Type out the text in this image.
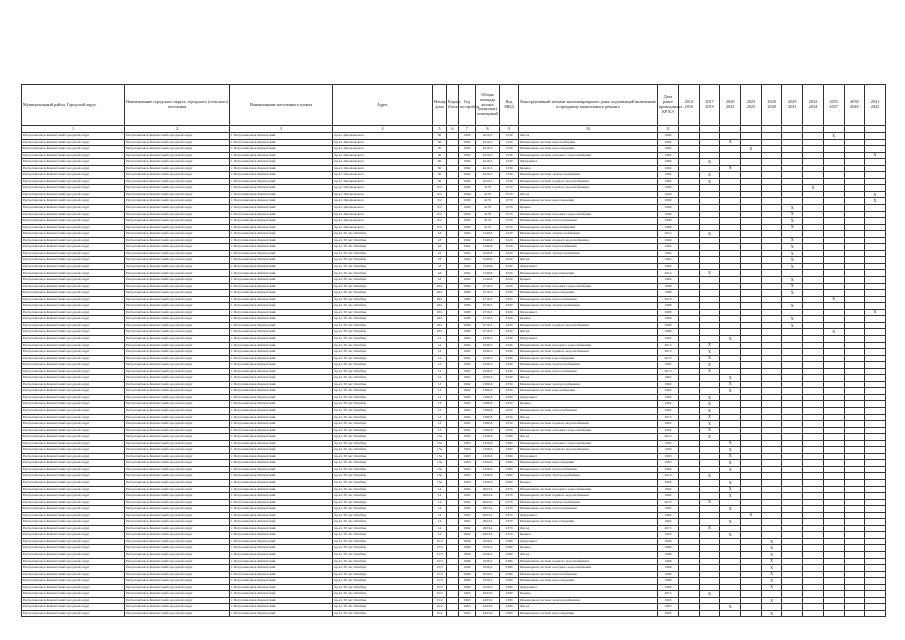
Муниципальный район, Городской округ	Наименование городского округа, городского (сельского) поселения	Наименование населенного пункта	Адрес	Номер дома	Корпус (блок)	Год постройки	Общая площадь жилых (нежилых) помещений	Код МКД	Конструктивный элемент многоквартирного дома, подлежащий включению в программу капитального ремонта	Дата ранее проведенных КР КЭ	2014 2016	2017 2019	2020 2022	2023 2025	2026 2028	2029 2031	2032 2034	2035 2037	2038 2040	2041 2043
1	2	3	4	5	6	7	8	9	10	11										
Петропавловск-Камчатский городской округ	Петропавловск-Камчатский городской округ	г. Петропавловск-Камчатский	пр-кт. Циолковского	30		1982	4216,5	1530	Фасад	1982								X		
Петропавловск-Камчатский городской округ	Петропавловск-Камчатский городской округ	г. Петропавловск-Камчатский	пр-кт. Циолковского	30		1982	4216,5	1530	Инженерная система водоснабжения	1982			X							
Петропавловск-Камчатский городской округ	Петропавловск-Камчатский городской округ	г. Петропавловск-Камчатский	пр-кт. Циолковского	30		1982	4216,5	1530	Инженерная система водоотведения	1982				X						
Петропавловск-Камчатский городской округ	Петропавловск-Камчатский городской округ	г. Петропавловск-Камчатский	пр-кт. Циолковского	30		1982	4216,5	1530	Инженерная система холодного водоснабжения	1982										X
Петропавловск-Камчатский городской округ	Петропавловск-Камчатский городской округ	г. Петропавловск-Камчатский	пр-кт. Циолковского	30		1982	4216,5	1530	Фундамент	1982		X								
Петропавловск-Камчатский городской округ	Петропавловск-Камчатский городской округ	г. Петропавловск-Камчатский	пр-кт. Циолковского	30		1982	4216,5	1530	Крыша	1982			X							
Петропавловск-Камчатский городской округ	Петропавловск-Камчатский городской округ	г. Петропавловск-Камчатский	пр-кт. Циолковского	30		1982	4216,5	1530	Инженерная система электроснабжения	1982		X								
Петропавловск-Камчатский городской округ	Петропавловск-Камчатский городской округ	г. Петропавловск-Камчатский	пр-кт. Циолковского	30		1982	4216,5	1530	Инженерная система горячего водоснабжения	1982		X								
Петропавловск-Камчатский городской округ	Петропавловск-Камчатский городской округ	г. Петропавловск-Камчатский	пр-кт. Циолковского	9/2		1990	4179	1570	Инженерная система горячего водоснабжения	1990							X			
Петропавловск-Камчатский городской округ	Петропавловск-Камчатский городской округ	г. Петропавловск-Камчатский	пр-кт. Циолковского	9/2		1990	4179	1570	Фасад	1990										X
Петропавловск-Камчатский городской округ	Петропавловск-Камчатский городской округ	г. Петропавловск-Камчатский	пр-кт. Циолковского	9/2		1990	4179	1570	Инженерная система водоотведения	1990										X
Петропавловск-Камчатский городской округ	Петропавловск-Камчатский городской округ	г. Петропавловск-Камчатский	пр-кт. Циолковского	9/2		1990	4179	1570	Крыша	1990						X				
Петропавловск-Камчатский городской округ	Петропавловск-Камчатский городской округ	г. Петропавловск-Камчатский	пр-кт. Циолковского	9/2		1990	4179	1570	Инженерная система холодного водоснабжения	1990						X				
Петропавловск-Камчатский городской округ	Петропавловск-Камчатский городской округ	г. Петропавловск-Камчатский	пр-кт. Циолковского	9/2		1990	4179	1570	Инженерная система теплоснабжения	1990						X				
Петропавловск-Камчатский городской округ	Петропавловск-Камчатский городской округ	г. Петропавловск-Камчатский	пр-кт. Циолковского	9/2		1990	4179	1570	Инженерная система водоснабжения	1990						X				
Петропавловск-Камчатский городской округ	Петропавловск-Камчатский городской округ	г. Петропавловск-Камчатский	пр-кт. 50 лет Октября	18		1964	1549,8	2220	Инженерная система электроснабжения	2014		X								
Петропавловск-Камчатский городской округ	Петропавловск-Камчатский городской округ	г. Петропавловск-Камчатский	пр-кт. 50 лет Октября	18		1964	1549,8	2220	Инженерная система горячего водоснабжения	1964						X				
Петропавловск-Камчатский городской округ	Петропавловск-Камчатский городской округ	г. Петропавловск-Камчатский	пр-кт. 50 лет Октября	18		1964	1549,8	2220	Инженерная система теплоснабжения	1964						X				
Петропавловск-Камчатский городской округ	Петропавловск-Камчатский городской округ	г. Петропавловск-Камчатский	пр-кт. 50 лет Октября	18		1964	1549,8	2220	Инженерная система электроснабжения	1964						X				
Петропавловск-Камчатский городской округ	Петропавловск-Камчатский городской округ	г. Петропавловск-Камчатский	пр-кт. 50 лет Октября	18		1964	1549,8	2220	Фасад	1964						X				
Петропавловск-Камчатский городской округ	Петропавловск-Камчатский городской округ	г. Петропавловск-Камчатский	пр-кт. 50 лет Октября	18		1964	1549,8	2220	Фундамент	1964						X				
Петропавловск-Камчатский городской округ	Петропавловск-Камчатский городской округ	г. Петропавловск-Камчатский	пр-кт. 50 лет Октября	18		1964	1549,8	2220	Инженерная система водоотведения	2014		X								
Петропавловск-Камчатский городской округ	Петропавловск-Камчатский городской округ	г. Петропавловск-Камчатский	пр-кт. 50 лет Октября	18		1964	1549,8	2220	Крыша	1964						X				
Петропавловск-Камчатский городской округ	Петропавловск-Камчатский городской округ	г. Петропавловск-Камчатский	пр-кт. 50 лет Октября	18/1		1980	2716,3	2320	Инженерная система холодного водоснабжения	1980						X				
Петропавловск-Камчатский городской округ	Петропавловск-Камчатский городской округ	г. Петропавловск-Камчатский	пр-кт. 50 лет Октября	18/1		1980	2716,3	2320	Инженерная система водоотведения	1980						X				
Петропавловск-Камчатский городской округ	Петропавловск-Камчатский городской округ	г. Петропавловск-Камчатский	пр-кт. 50 лет Октября	18/1		1980	2716,3	2320	Инженерная система теплоснабжения	2010								X		
Петропавловск-Камчатский городской округ	Петропавловск-Камчатский городской округ	г. Петропавловск-Камчатский	пр-кт. 50 лет Октября	18/1		1980	2716,3	2320	Инженерная система электроснабжения	1980						X				
Петропавловск-Камчатский городской округ	Петропавловск-Камчатский городской округ	г. Петропавловск-Камчатский	пр-кт. 50 лет Октября	18/1		1980	2716,3	2320	Фундамент	1980										X
Петропавловск-Камчатский городской округ	Петропавловск-Камчатский городской округ	г. Петропавловск-Камчатский	пр-кт. 50 лет Октября	18/1		1980	2716,3	2320	Крыша	1980						X				
Петропавловск-Камчатский городской округ	Петропавловск-Камчатский городской округ	г. Петропавловск-Камчатский	пр-кт. 50 лет Октября	18/1		1980	2716,3	2320	Инженерная система горячего водоснабжения	1980						X				
Петропавловск-Камчатский городской округ	Петропавловск-Камчатский городской округ	г. Петропавловск-Камчатский	пр-кт. 50 лет Октября	18/1		1980	2716,3	2320	Фасад	1980								X		
Петропавловск-Камчатский городской округ	Петропавловск-Камчатский городской округ	г. Петропавловск-Камчатский	пр-кт. 50 лет Октября	12		1962	1936,3	2340	Фундамент	1962			X							
Петропавловск-Камчатский городской округ	Петропавловск-Камчатский городской округ	г. Петропавловск-Камчатский	пр-кт. 50 лет Октября	12		1962	1936,3	2340	Инженерная система холодного водоснабжения	2015		X								
Петропавловск-Камчатский городской округ	Петропавловск-Камчатский городской округ	г. Петропавловск-Камчатский	пр-кт. 50 лет Октября	12		1962	1936,3	2340	Инженерная система горячего водоснабжения	2015		X								
Петропавловск-Камчатский городской округ	Петропавловск-Камчатский городской округ	г. Петропавловск-Камчатский	пр-кт. 50 лет Октября	12		1962	1936,3	2340	Инженерная система водоотведения	2015		X								
Петропавловск-Камчатский городской округ	Петропавловск-Камчатский городской округ	г. Петропавловск-Камчатский	пр-кт. 50 лет Октября	12		1962	1936,3	2340	Инженерная система электроснабжения	1962		X								
Петропавловск-Камчатский городской округ	Петропавловск-Камчатский городской округ	г. Петропавловск-Камчатский	пр-кт. 50 лет Октября	12		1962	1936,3	2340	Инженерная система теплоснабжения	2015		X								
Петропавловск-Камчатский городской округ	Петропавловск-Камчатский городской округ	г. Петропавловск-Камчатский	пр-кт. 50 лет Октября	12		1962	1936,3	2340	Фасад	1962			X							
Петропавловск-Камчатский городской округ	Петропавловск-Камчатский городской округ	г. Петропавловск-Камчатский	пр-кт. 50 лет Октября	13		1962	1580,8	2350	Инженерная система электроснабжения	1962			X							
Петропавловск-Камчатский городской округ	Петропавловск-Камчатский городской округ	г. Петропавловск-Камчатский	пр-кт. 50 лет Октября	13		1962	1580,8	2350	Инженерная система водоснабжения	1962			X							
Петропавловск-Камчатский городской округ	Петропавловск-Камчатский городской округ	г. Петропавловск-Камчатский	пр-кт. 50 лет Октября	13		1962	1580,8	2350	Фундамент	1962		X								
Петропавловск-Камчатский городской округ	Петропавловск-Камчатский городской округ	г. Петропавловск-Камчатский	пр-кт. 50 лет Октября	13		1962	1580,8	2350	Крыша	1962		X								
Петропавловск-Камчатский городской округ	Петропавловск-Камчатский городской округ	г. Петропавловск-Камчатский	пр-кт. 50 лет Октября	13		1962	1580,8	2350	Инженерная система теплоснабжения	1962		X								
Петропавловск-Камчатский городской округ	Петропавловск-Камчатский городской округ	г. Петропавловск-Камчатский	пр-кт. 50 лет Октября	13		1962	1580,8	2350	Фасад	2015		X								
Петропавловск-Камчатский городской округ	Петропавловск-Камчатский городской округ	г. Петропавловск-Камчатский	пр-кт. 50 лет Октября	13		1962	1580,8	2350	Инженерная система горячего водоснабжения	1962		X								
Петропавловск-Камчатский городской округ	Петропавловск-Камчатский городской округ	г. Петропавловск-Камчатский	пр-кт. 50 лет Октября	13		1962	1580,8	2350	Инженерная система холодного водоснабжения	1962		X								
Петропавловск-Камчатский городской округ	Петропавловск-Камчатский городской округ	г. Петропавловск-Камчатский	пр-кт. 50 лет Октября	13а		1963	1326,6	2360	Фасад	2014		X								
Петропавловск-Камчатский городской округ	Петропавловск-Камчатский городской округ	г. Петропавловск-Камчатский	пр-кт. 50 лет Октября	13а		1963	1326,6	2360	Инженерная система холодного водоснабжения	1963			X							
Петропавловск-Камчатский городской округ	Петропавловск-Камчатский городской округ	г. Петропавловск-Камчатский	пр-кт. 50 лет Октября	13а		1963	1326,6	2360	Инженерная система горячего водоснабжения	1963			X							
Петропавловск-Камчатский городской округ	Петропавловск-Камчатский городской округ	г. Петропавловск-Камчатский	пр-кт. 50 лет Октября	13а		1963	1326,6	2360	Фундамент	1963			X							
Петропавловск-Камчатский городской округ	Петропавловск-Камчатский городской округ	г. Петропавловск-Камчатский	пр-кт. 50 лет Октября	13а		1963	1326,6	2360	Инженерная система водоотведения	1963			X							
Петропавловск-Камчатский городской округ	Петропавловск-Камчатский городской округ	г. Петропавловск-Камчатский	пр-кт. 50 лет Октября	13а		1963	1326,6	2360	Инженерная система теплоснабжения	1963			X							
Петропавловск-Камчатский городской округ	Петропавловск-Камчатский городской округ	г. Петропавловск-Камчатский	пр-кт. 50 лет Октября	13а		1963	1326,6	2360	Инженерная система электроснабжения	2014		X								
Петропавловск-Камчатский городской округ	Петропавловск-Камчатский городской округ	г. Петропавловск-Камчатский	пр-кт. 50 лет Октября	13а		1963	1326,6	2360	Крыша	1963			X							
Петропавловск-Камчатский городской округ	Петропавловск-Камчатский городской округ	г. Петропавловск-Камчатский	пр-кт. 50 лет Октября	14		1962	2623,4	2370	Инженерная система холодного водоснабжения	1962			X							
Петропавловск-Камчатский городской округ	Петропавловск-Камчатский городской округ	г. Петропавловск-Камчатский	пр-кт. 50 лет Октября	14		1962	2623,4	2370	Инженерная система горячего водоснабжения	1962			X							
Петропавловск-Камчатский городской округ	Петропавловск-Камчатский городской округ	г. Петропавловск-Камчатский	пр-кт. 50 лет Октября	14		1962	2623,4	2370	Инженерная система электроснабжения	2015		X								
Петропавловск-Камчатский городской округ	Петропавловск-Камчатский городской округ	г. Петропавловск-Камчатский	пр-кт. 50 лет Октября	14		1962	2623,4	2370	Инженерная система теплоснабжения	1962			X							
Петропавловск-Камчатский городской округ	Петропавловск-Камчатский городской округ	г. Петропавловск-Камчатский	пр-кт. 50 лет Октября	14		1962	2623,4	2370	Фундамент	1962				X						
Петропавловск-Камчатский городской округ	Петропавловск-Камчатский городской округ	г. Петропавловск-Камчатский	пр-кт. 50 лет Октября	14		1962	2623,4	2370	Инженерная система водоотведения	1962			X							
Петропавловск-Камчатский городской округ	Петропавловск-Камчатский городской округ	г. Петропавловск-Камчатский	пр-кт. 50 лет Октября	14		1962	2623,4	2370	Фасад	2015		X								
Петропавловск-Камчатский городской округ	Петропавловск-Камчатский городской округ	г. Петропавловск-Камчатский	пр-кт. 50 лет Октября	14		1962	2623,4	2370	Крыша	1962			X							
Петропавловск-Камчатский городской округ	Петропавловск-Камчатский городской округ	г. Петропавловск-Камчатский	пр-кт. 50 лет Октября	15/3		1966	1056,2	2380	Фундамент	1966					X					
Петропавловск-Камчатский городской округ	Петропавловск-Камчатский городской округ	г. Петропавловск-Камчатский	пр-кт. 50 лет Октября	15/3		1966	1056,2	2380	Крыша	1966					X					
Петропавловск-Камчатский городской округ	Петропавловск-Камчатский городской округ	г. Петропавловск-Камчатский	пр-кт. 50 лет Октября	15/3		1966	1056,2	2380	Фасад	1966					X					
Петропавловск-Камчатский городской округ	Петропавловск-Камчатский городской округ	г. Петропавловск-Камчатский	пр-кт. 50 лет Октября	15/3		1966	1056,2	2380	Инженерная система горячего водоснабжения	1966					X					
Петропавловск-Камчатский городской округ	Петропавловск-Камчатский городской округ	г. Петропавловск-Камчатский	пр-кт. 50 лет Октября	15/3		1966	1056,2	2380	Инженерная система холодного водоснабжения	1966					X					
Петропавловск-Камчатский городской округ	Петропавловск-Камчатский городской округ	г. Петропавловск-Камчатский	пр-кт. 50 лет Октября	15/3		1966	1056,2	2380	Инженерная система теплоснабжения	1966					X					
Петропавловск-Камчатский городской округ	Петропавловск-Камчатский городской округ	г. Петропавловск-Камчатский	пр-кт. 50 лет Октября	15/3		1966	1056,2	2380	Инженерная система водоотведения	1966					X					
Петропавловск-Камчатский городской округ	Петропавловск-Камчатский городской округ	г. Петропавловск-Камчатский	пр-кт. 50 лет Октября	15/3		1966	1056,2	2380	Фундамент	1966					X					
Петропавловск-Камчатский городской округ	Петропавловск-Камчатский городской округ	г. Петропавловск-Камчатский	пр-кт. 50 лет Октября	15/2		1965	2433,9	2390	Крыша	2015		X								
Петропавловск-Камчатский городской округ	Петропавловск-Камчатский городской округ	г. Петропавловск-Камчатский	пр-кт. 50 лет Октября	15/2		1965	2433,9	2390	Инженерная система электроснабжения	1965					X					
Петропавловск-Камчатский городской округ	Петропавловск-Камчатский городской округ	г. Петропавловск-Камчатский	пр-кт. 50 лет Октября	15/2		1965	2433,9	2390	Фасад	1965			X							
Петропавловск-Камчатский городской округ	Петропавловск-Камчатский городской округ	г. Петропавловск-Камчатский	пр-кт. 50 лет Октября	15/2		1965	2433,9	2390	Инженерная система водоотведения	1965					X					
